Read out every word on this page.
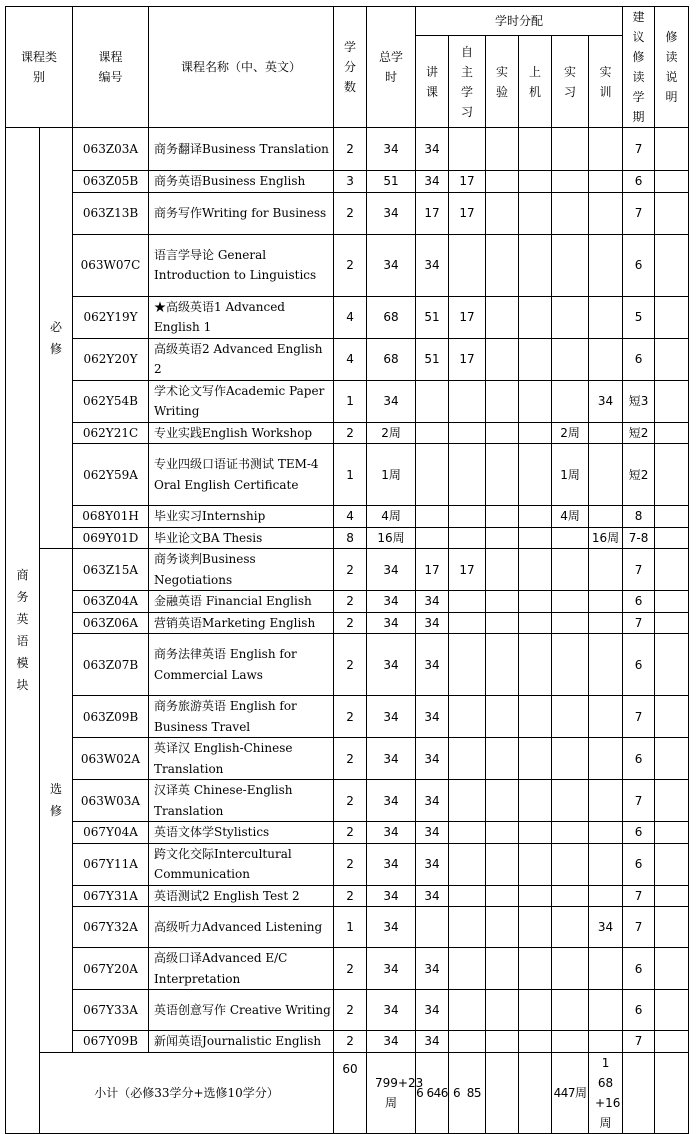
课程类别		课程编号	课程名称（中、英文）	学分数	总学时	学时分配						建议修读学期	修读说明
						讲课	自主学习	实验	上机	实习	实训		
商务英语模块	必修	063Z03A	商务翻译Business Translation	2	34	34						7	
		063Z05B	商务英语Business English	3	51	34	17					6	
		063Z13B	商务写作Writing for Business	2	34	17	17					7	
		063W07C	语言学导论 General Introduction to Linguistics	2	34	34						6	
		062Y19Y	★高级英语1 Advanced English 1	4	68	51	17					5	
		062Y20Y	高级英语2 Advanced English 2	4	68	51	17					6	
		062Y54B	学术论文写作Academic Paper Writing	1	34						34	短3	
		062Y21C	专业实践English Workshop	2	2周					2周		短2	
		062Y59A	专业四级口语证书测试 TEM-4 Oral English Certificate	1	1周					1周		短2	
		068Y01H	毕业实习Internship	4	4周					4周		8	
		069Y01D	毕业论文BA Thesis	8	16周						16周	7-8	
	选修	063Z15A	商务谈判Business Negotiations	2	34	17	17					7	
		063Z04A	金融英语 Financial English	2	34	34						6	
		063Z06A	营销英语Marketing English	2	34	34						7	
		063Z07B	商务法律英语 English for Commercial Laws	2	34	34						6	
		063Z09B	商务旅游英语 English for Business Travel	2	34	34						7	
		063W02A	英译汉 English-Chinese Translation	2	34	34						6	
		063W03A	汉译英 Chinese-English Translation	2	34	34						7	
		067Y04A	英语文体学Stylistics	2	34	34						6	
		067Y11A	跨文化交际Intercultural Communication	2	34	34						6	
		067Y31A	英语测试2 English Test 2	2	34	34						7	
		067Y32A	高级听力Advanced Listening	1	34						34	7	
		067Y20A	高级口译Advanced E/C Interpretation	2	34	34						6	
		067Y33A	英语创意写作 Creative Writing	2	34	34						6	
		067Y09B	新闻英语Journalistic English	2	34	34						7	
	小计（必修33学分+选修10学分）			60	799+23周	6 646	6  85			447周	1 68 +16 周		
